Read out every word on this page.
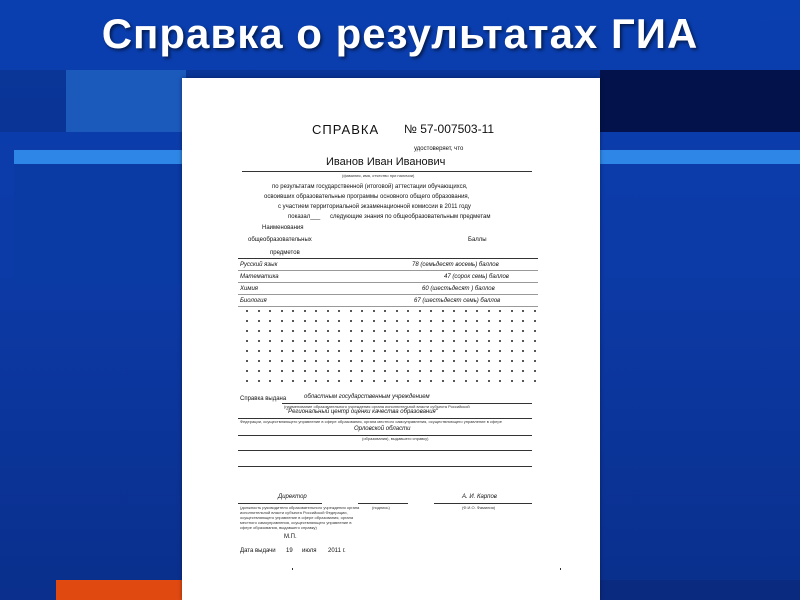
Справка о результатах ГИА
СПРАВКА № 57-007503-11
удостоверяет, что
Иванов Иван Иванович
(фамилия, имя, отчество при наличии)
по результатам государственной (итоговой) аттестации обучающихся,
освоивших образовательные программы основного общего образования,
с участием территориальной экзаменационной комиссии в 2011 году
показал___ следующие знания по общеобразовательным предметам
Наименования
общеобразовательных	Баллы
предметов
Русский язык	78 (семьдесят восемь) баллов
Математика	47 (сорок семь) баллов
Химия	60 (шестьдесят ) баллов
Биология	67 (шестьдесят семь) баллов
Справка выдана	областным государственным учреждением
(наименование образовательного учреждения органа исполнительной власти субъекта Российской
"Региональный центр оценки качества образования"
Федерации, осуществляющего управление в сфере образования, органа местного самоуправления, осуществляющего управление в сфере
Орловской области
(образования), выдавшего справку)
Директор	А. И. Карпов
(подпись)	(Ф.И.О. Фамилия)
(должность руководителя образовательного учреждения органа исполнительной власти субъекта Российской Федерации, осуществляющего управление в сфере образования, органа местного самоуправления, осуществляющего управление в сфере образования, выдавшего справку)
М.П.
Дата выдачи 19 июля 2011 г.
